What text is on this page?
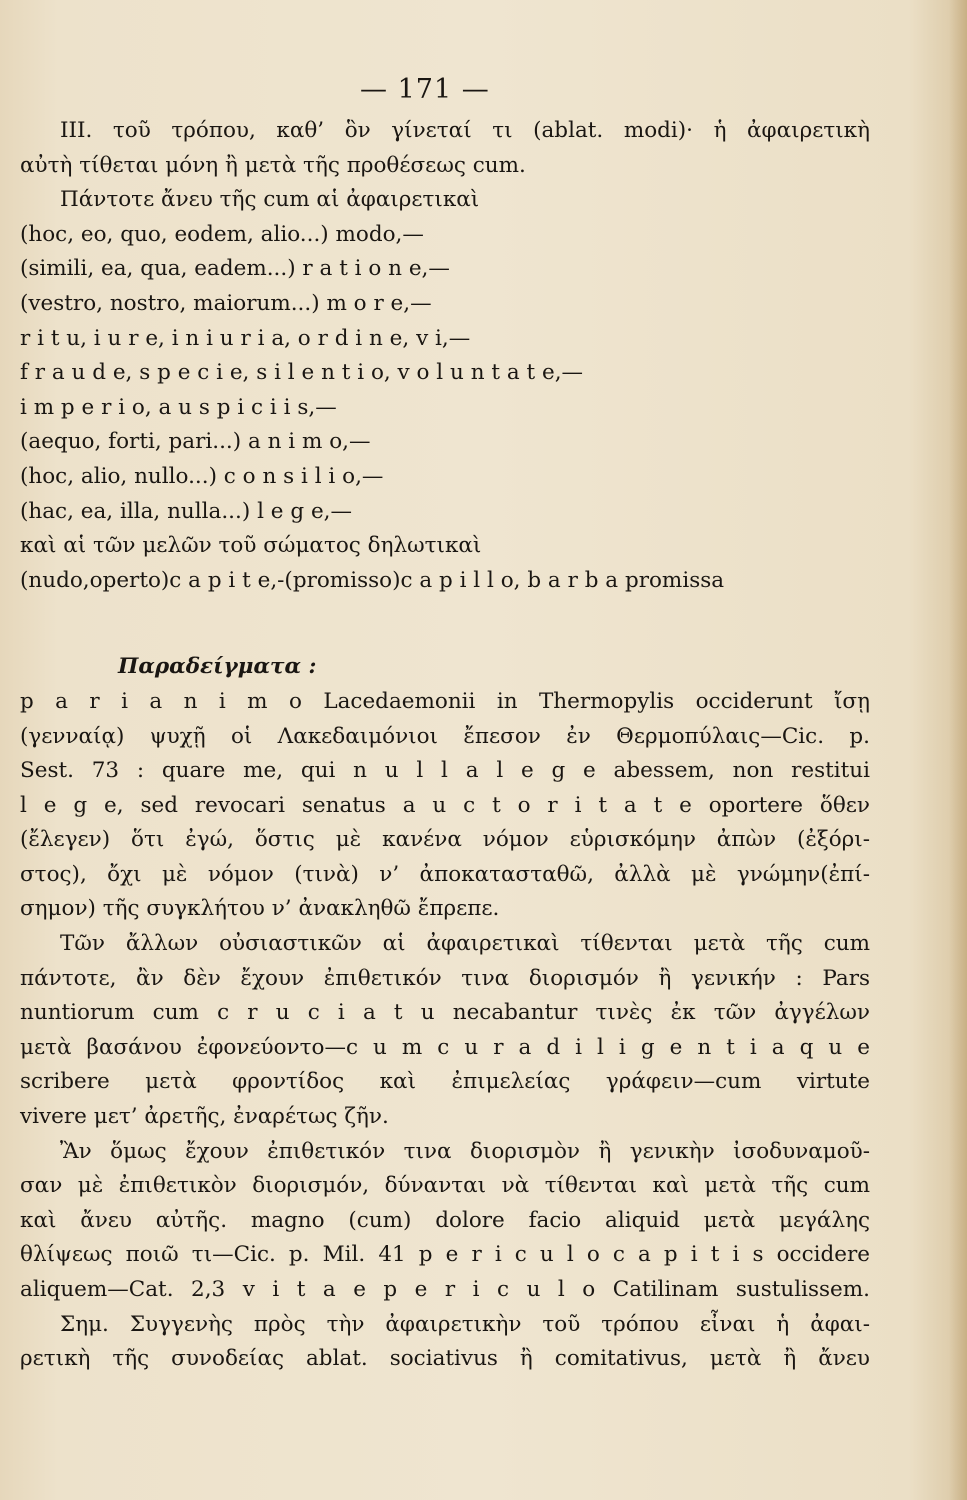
— 171 —
III. τοῦ τρόπου, καθ’ ὃν γίνεταί τι (ablat. modi)· ἡ ἀφαιρετικὴ
αὐτὴ τίθεται μόνη ἢ μετὰ τῆς προθέσεως cum.
Πάντοτε ἄνευ τῆς cum αἱ ἀφαιρετικαὶ
(hoc, eo, quo, eodem, alio...) modo,—
(simili, ea, qua, eadem...) r a t i o n e,—
(vestro, nostro, maiorum...) m o r e,—
r i t u, i u r e, i n i u r i a, o r d i n e, v i,—
f r a u d e, s p e c i e, s i l e n t i o, v o l u n t a t e,—
i m p e r i o, a u s p i c i i s,—
(aequo, forti, pari...) a n i m o,—
(hoc, alio, nullo...) c o n s i l i o,—
(hac, ea, illa, nulla...) l e g e,—
καὶ αἱ τῶν μελῶν τοῦ σώματος δηλωτικαὶ
(nudo,operto)c a p i t e,-(promisso)c a p i l l o, b a r b a promissa
Παραδείγματα :
p a r i a n i m o Lacedaemonii in Thermopylis occiderunt ἴσῃ
(γενναίᾳ) ψυχῇ οἱ Λακεδαιμόνιοι ἔπεσον ἐν Θερμοπύλαις—Cic. p.
Sest. 73 : quare me, qui n u l l a l e g e abessem, non restitui
l e g e, sed revocari senatus a u c t o r i t a t e oportere ὅθεν
(ἔλεγεν) ὅτι ἐγώ, ὅστις μὲ κανένα νόμον εὑρισκόμην ἀπὼν (ἐξόρι-
στος), ὄχι μὲ νόμον (τινὰ) ν’ ἀποκατασταθῶ, ἀλλὰ μὲ γνώμην(ἐπί-
σημον) τῆς συγκλήτου ν’ ἀνακληθῶ ἔπρεπε.
Τῶν ἄλλων οὐσιαστικῶν αἱ ἀφαιρετικαὶ τίθενται μετὰ τῆς cum
πάντοτε, ἂν δὲν ἔχουν ἐπιθετικόν τινα διορισμόν ἢ γενικήν : Pars
nuntiorum cum c r u c i a t u necabantur τινὲς ἐκ τῶν ἀγγέλων
μετὰ βασάνου ἐφονεύοντο—c u m c u r a d i l i g e n t i a q u e
scribere μετὰ φροντίδος καὶ ἐπιμελείας γράφειν—cum virtute
vivere μετ’ ἀρετῆς, ἐναρέτως ζῆν.
Ἂν ὅμως ἔχουν ἐπιθετικόν τινα διορισμὸν ἢ γενικὴν ἰσοδυναμοῦ-
σαν μὲ ἐπιθετικὸν διορισμόν, δύνανται νὰ τίθενται καὶ μετὰ τῆς cum
καὶ ἄνευ αὐτῆς. magno (cum) dolore facio aliquid μετὰ μεγάλης
θλίψεως ποιῶ τι—Cic. p. Mil. 41 p e r i c u l o c a p i t i s occidere
aliquem—Cat. 2,3 v i t a e p e r i c u l o Catilinam sustulissem.
Σημ. Συγγενὴς πρὸς τὴν ἀφαιρετικὴν τοῦ τρόπου εἶναι ἡ ἀφαι-
ρετικὴ τῆς συνοδείας ablat. sociativus ἢ comitativus, μετὰ ἢ ἄνευ
